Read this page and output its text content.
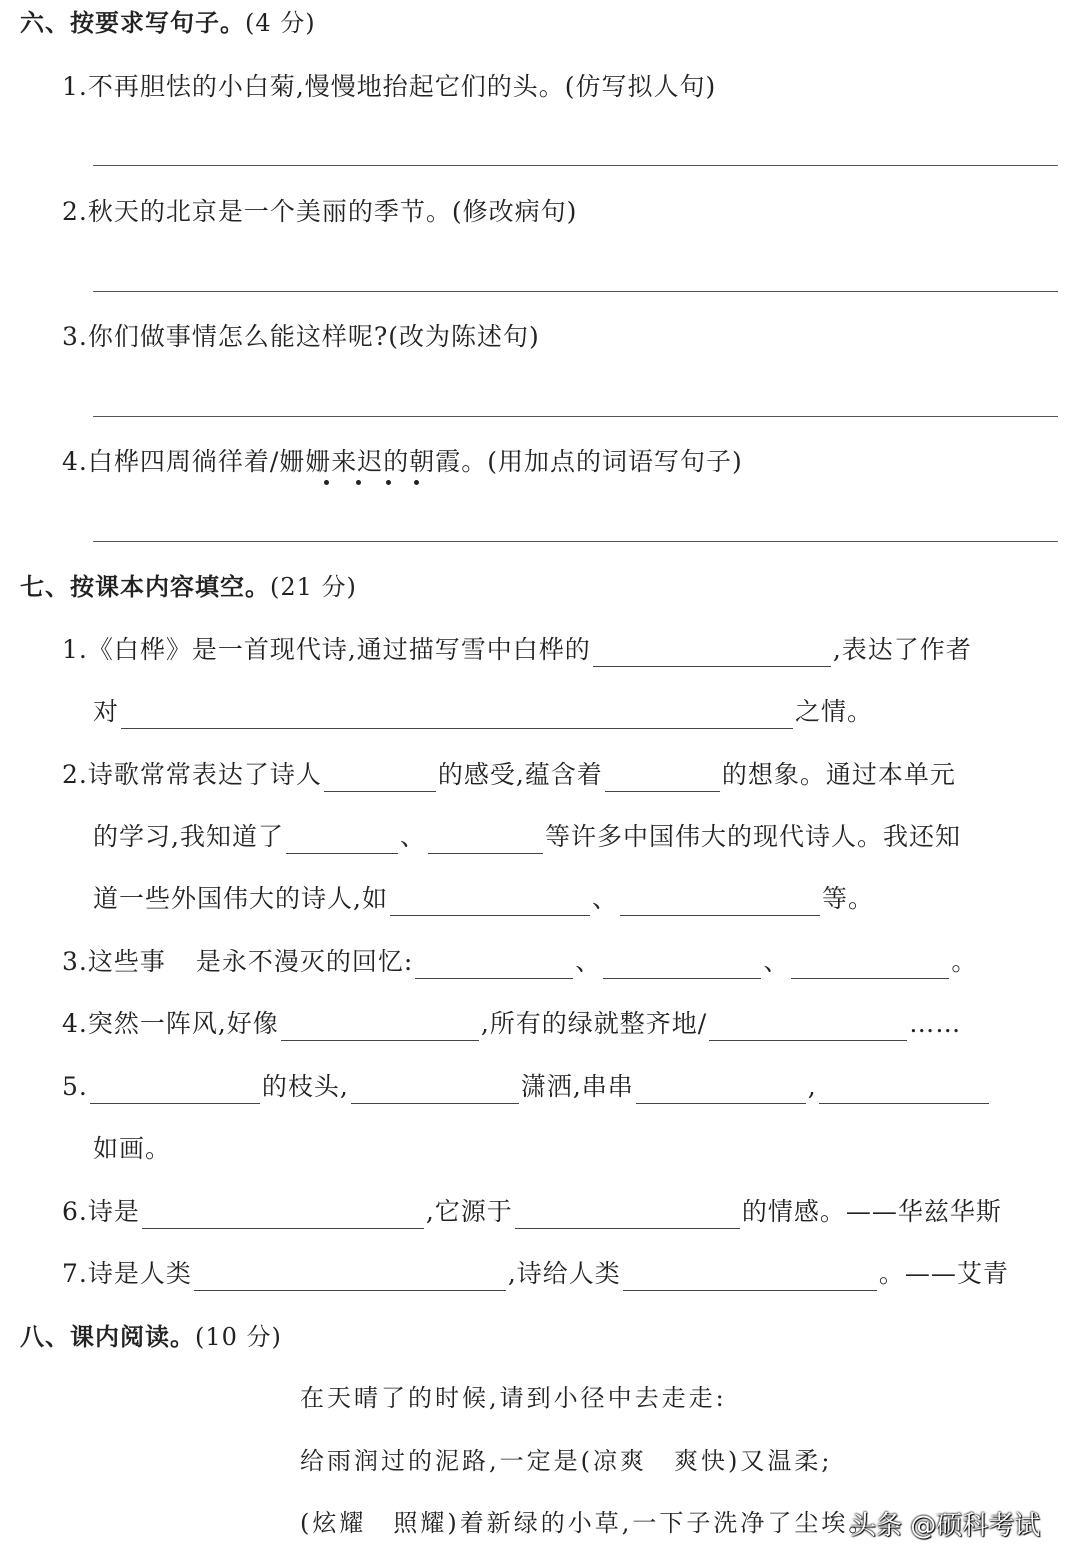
六、按要求写句子。(4 分)
1.不再胆怯的小白菊,慢慢地抬起它们的头。(仿写拟人句)
2.秋天的北京是一个美丽的季节。(修改病句)
3.你们做事情怎么能这样呢?(改为陈述句)
4.白桦四周徜徉着/姗姗来迟的朝霞。(用加点的词语写句子)
七、按课本内容填空。(21 分)
1.《白桦》是一首现代诗,通过描写雪中白桦的	,表达了作者
对	之情。
2.诗歌常常表达了诗人	的感受,蕴含着	的想象。通过本单元
的学习,我知道了	、	等许多中国伟大的现代诗人。我还知
道一些外国伟大的诗人,如	、	等。
3.这些事 是永不漫灭的回忆:	、	、	。
4.突然一阵风,好像	,所有的绿就整齐地/	……
5.	的枝头,	潇洒,串串	,
如画。
6.诗是	,它源于	的情感。——华兹华斯
7.诗是人类	,诗给人类	。——艾青
八、课内阅读。(10 分)
在天晴了的时候,请到小径中去走走:
给雨润过的泥路,一定是(凉爽　爽快)又温柔;
(炫耀　照耀)着新绿的小草,一下子洗净了尘埃。
头条 @硕科考试
